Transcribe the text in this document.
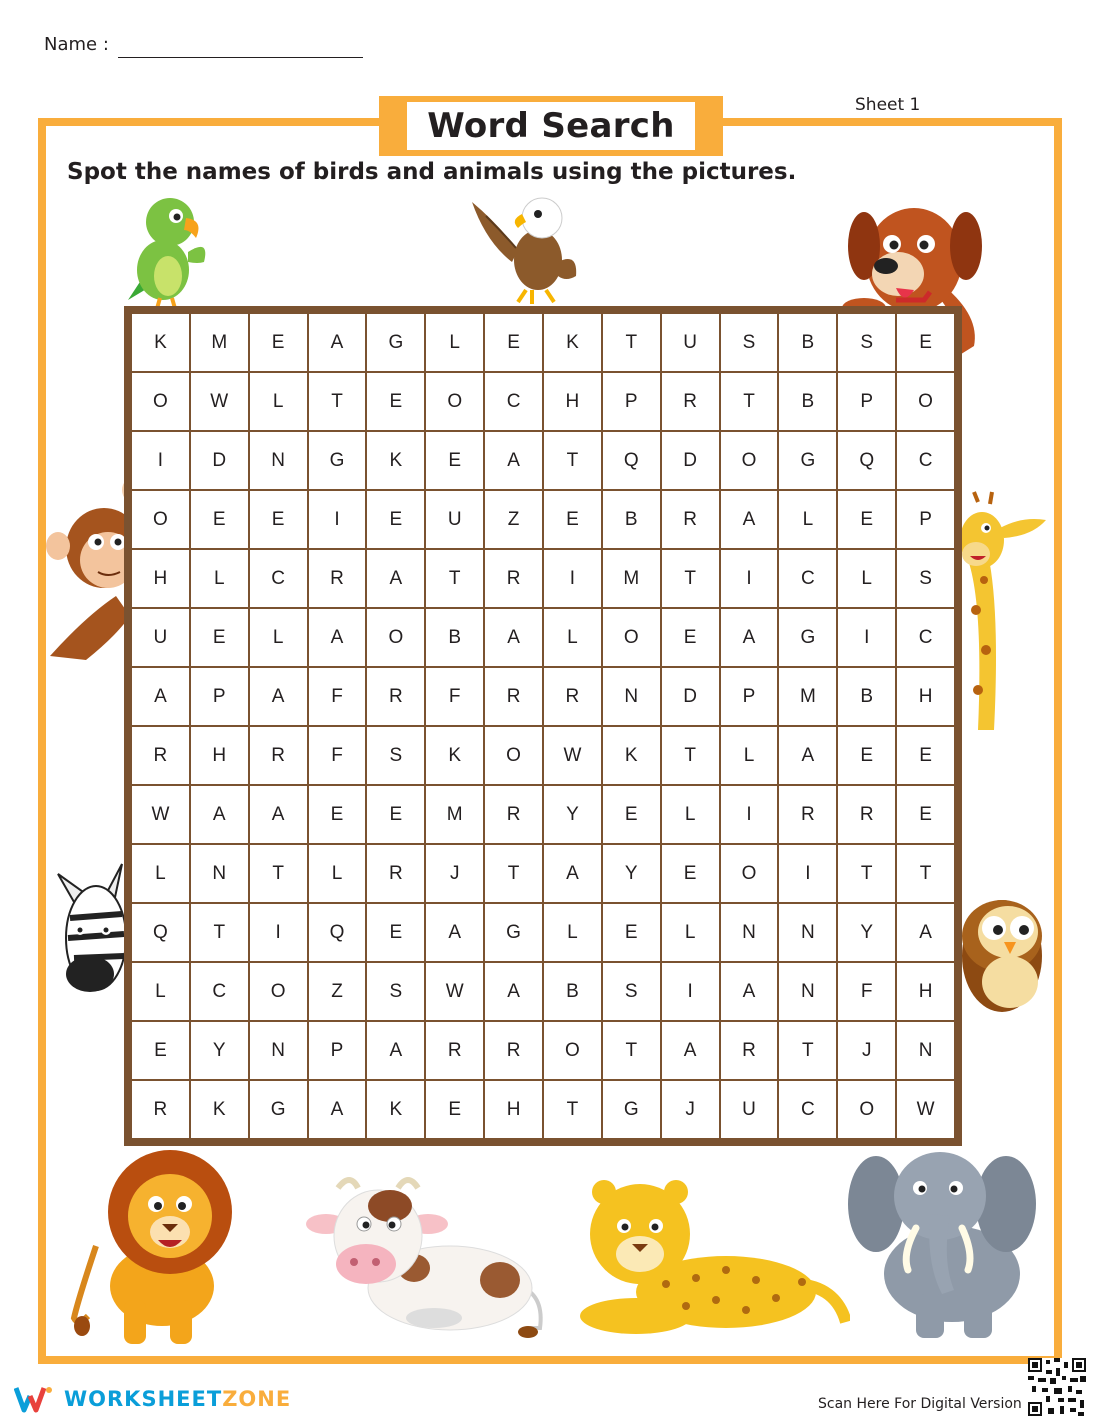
Name :
Sheet 1
Word Search
Spot the names of birds and animals using the pictures.
K	M	E	A	G	L	E	K	T	U	S	B	S	E
O	W	L	T	E	O	C	H	P	R	T	B	P	O
I	D	N	G	K	E	A	T	Q	D	O	G	Q	C
O	E	E	I	E	U	Z	E	B	R	A	L	E	P
H	L	C	R	A	T	R	I	M	T	I	C	L	S
U	E	L	A	O	B	A	L	O	E	A	G	I	C
A	P	A	F	R	F	R	R	N	D	P	M	B	H
R	H	R	F	S	K	O	W	K	T	L	A	E	E
W	A	A	E	E	M	R	Y	E	L	I	R	R	E
L	N	T	L	R	J	T	A	Y	E	O	I	T	T
Q	T	I	Q	E	A	G	L	E	L	N	N	Y	A
L	C	O	Z	S	W	A	B	S	I	A	N	F	H
E	Y	N	P	A	R	R	O	T	A	R	T	J	N
R	K	G	A	K	E	H	T	G	J	U	C	O	W
WORKSHEETZONE	Scan Here For Digital Version
